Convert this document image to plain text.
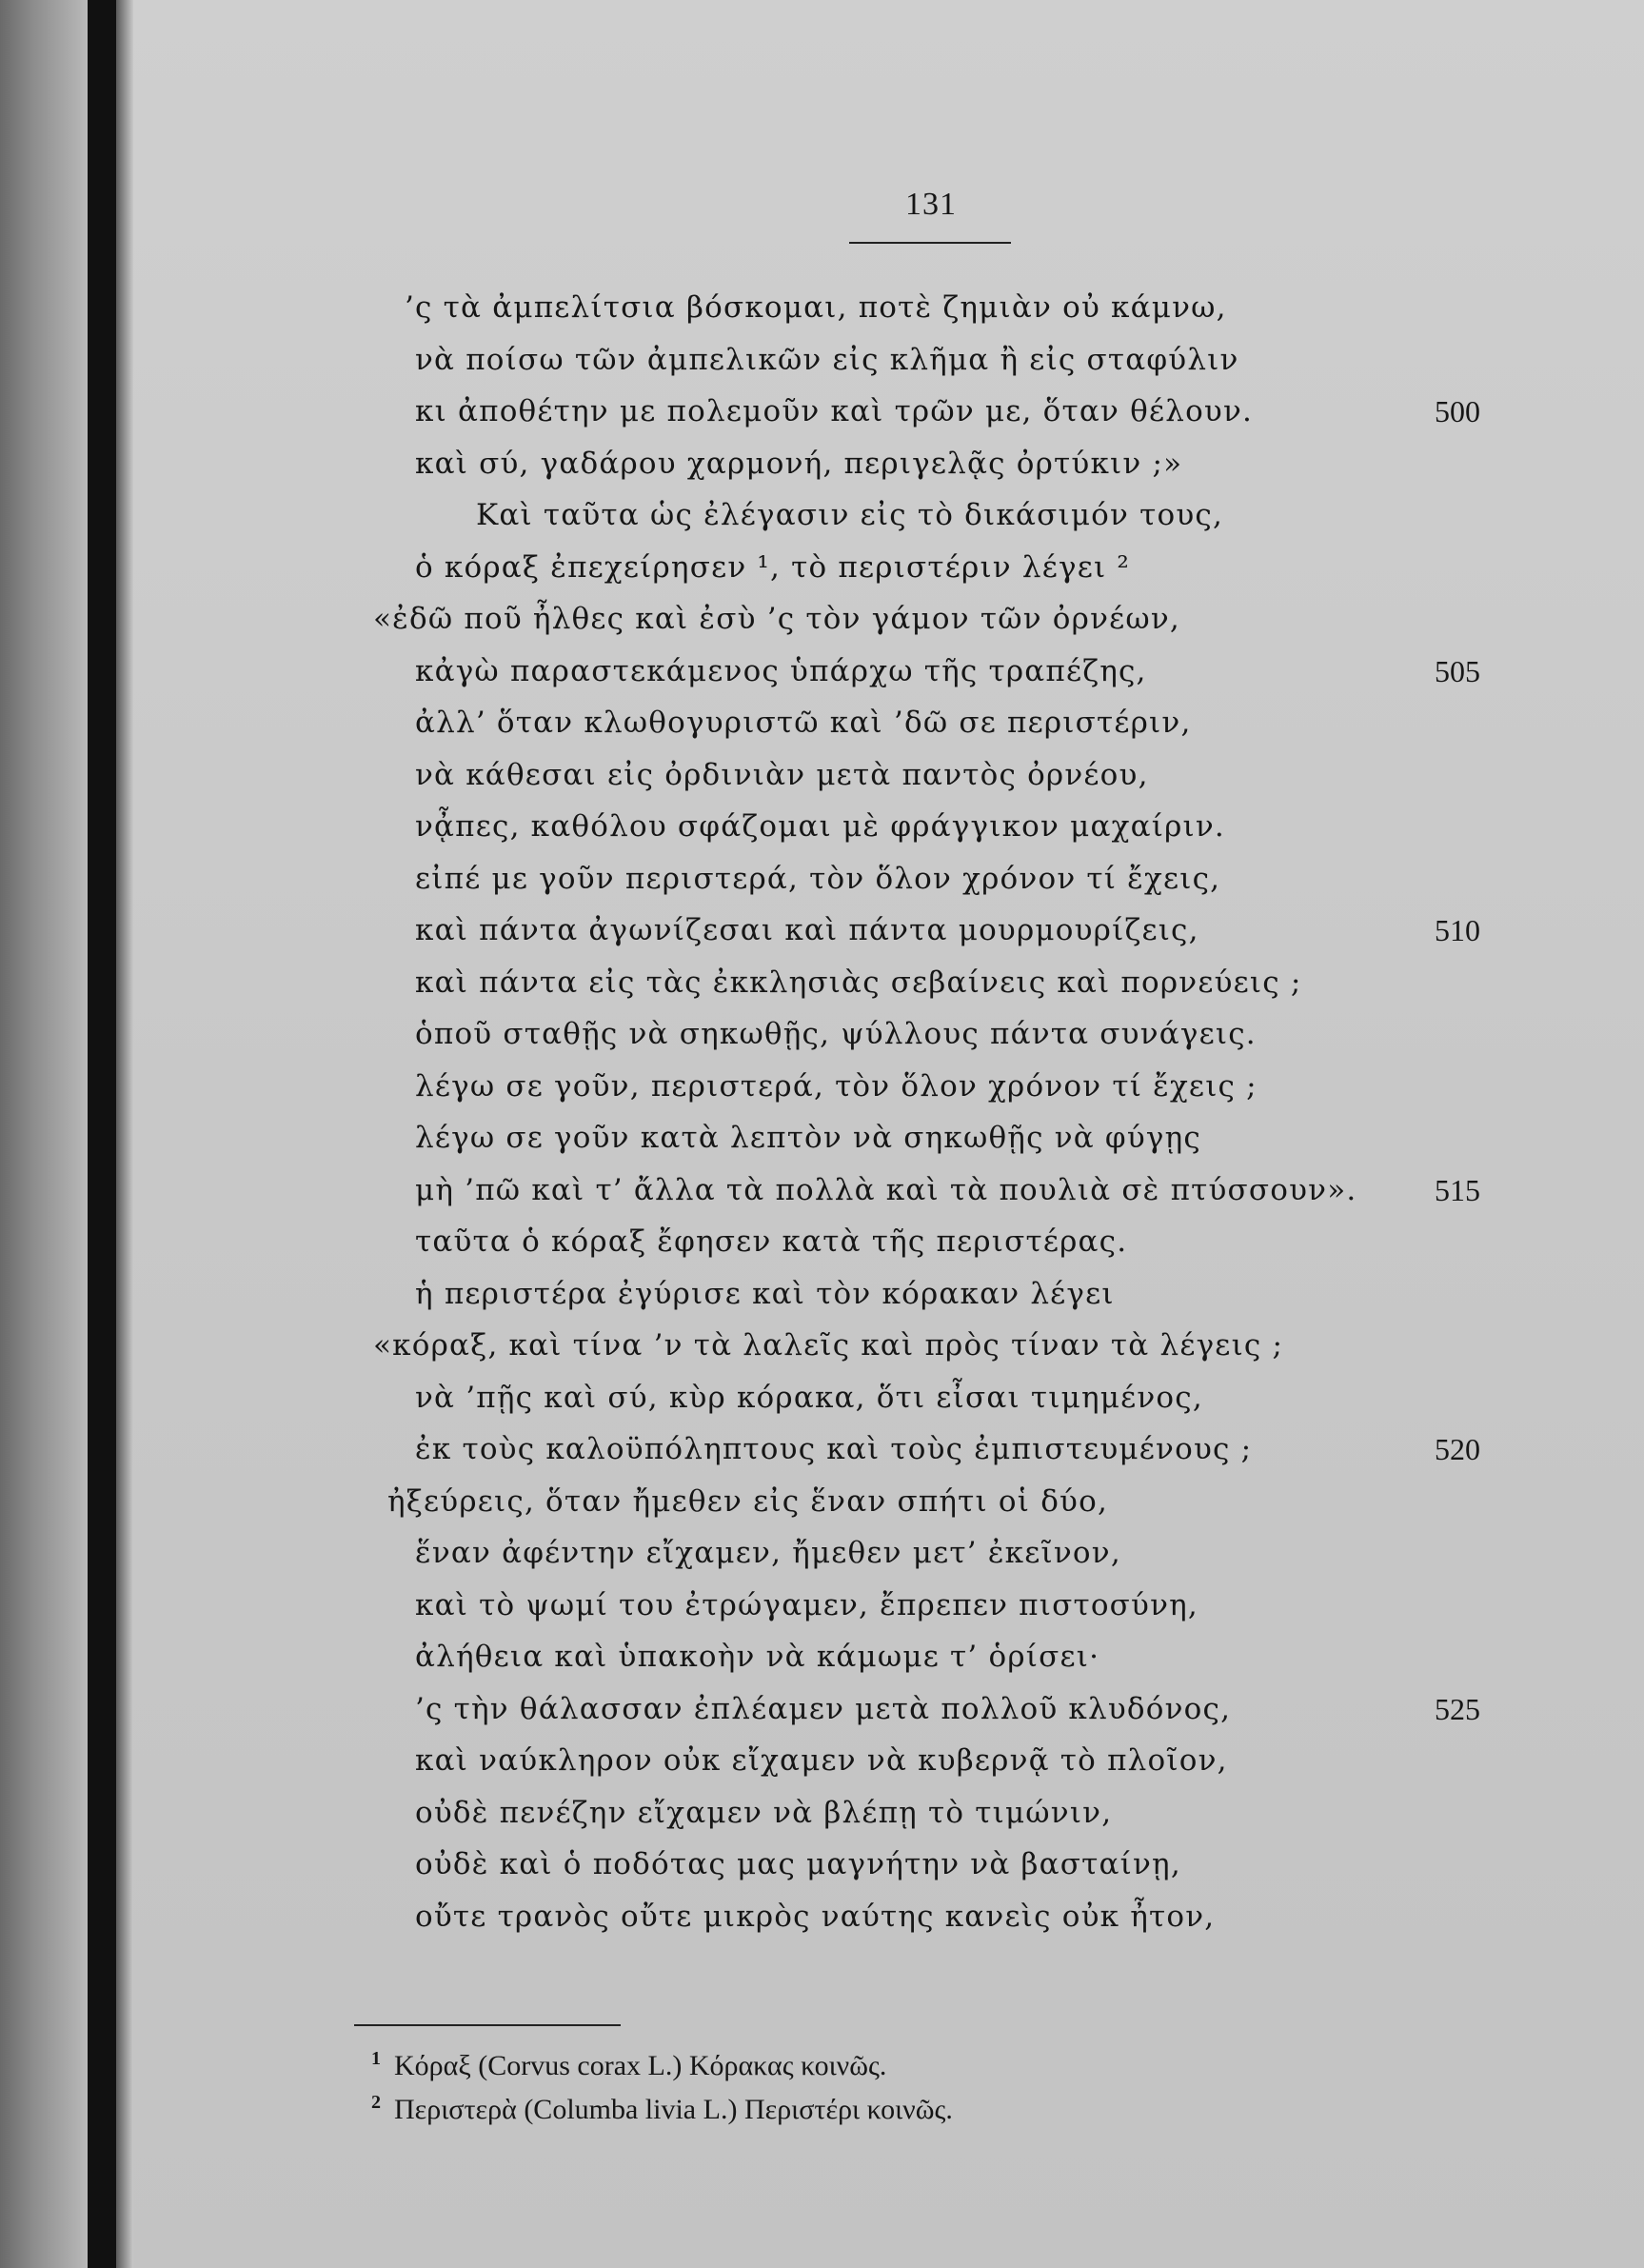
131
’ς τὰ ἀμπελίτσια βόσκομαι, ποτὲ ζημιὰν οὐ κάμνω,
νὰ ποίσω τῶν ἀμπελικῶν εἰς κλῆμα ἢ εἰς σταφύλιν
κι ἀποθέτην με πολεμοῦν καὶ τρῶν με, ὅταν θέλουν.	500
καὶ σύ, γαδάρου χαρμονή, περιγελᾷς ὀρτύκιν ;»
Καὶ ταῦτα ὡς ἐλέγασιν εἰς τὸ δικάσιμόν τους,
ὁ κόραξ ἐπεχείρησεν ¹, τὸ περιστέριν λέγει ²
«ἐδῶ ποῦ ἦλθες καὶ ἐσὺ ’ς τὸν γάμον τῶν ὀρνέων,
κἀγὼ παραστεκάμενος ὑπάρχω τῆς τραπέζης,	505
ἀλλ’ ὅταν κλωθογυριστῶ καὶ ’δῶ σε περιστέριν,
νὰ κάθεσαι εἰς ὀρδινιὰν μετὰ παντὸς ὀρνέου,
νᾆπες, καθόλου σφάζομαι μὲ φράγγικον μαχαίριν.
εἰπέ με γοῦν περιστερά, τὸν ὅλον χρόνον τί ἔχεις,
καὶ πάντα ἀγωνίζεσαι καὶ πάντα μουρμουρίζεις,	510
καὶ πάντα εἰς τὰς ἐκκλησιὰς σεβαίνεις καὶ πορνεύεις ;
ὁποῦ σταθῇς νὰ σηκωθῇς, ψύλλους πάντα συνάγεις.
λέγω σε γοῦν, περιστερά, τὸν ὅλον χρόνον τί ἔχεις ;
λέγω σε γοῦν κατὰ λεπτὸν νὰ σηκωθῇς νὰ φύγῃς
μὴ ’πῶ καὶ τ’ ἄλλα τὰ πολλὰ καὶ τὰ πουλιὰ σὲ πτύσσουν».	515
ταῦτα ὁ κόραξ ἔφησεν κατὰ τῆς περιστέρας.
ἡ περιστέρα ἐγύρισε καὶ τὸν κόρακαν λέγει
«κόραξ, καὶ τίνα ’ν τὰ λαλεῖς καὶ πρὸς τίναν τὰ λέγεις ;
νὰ ’πῇς καὶ σύ, κὺρ κόρακα, ὅτι εἶσαι τιμημένος,
ἐκ τοὺς καλοϋπόληπτους καὶ τοὺς ἐμπιστευμένους ;	520
ἠξεύρεις, ὅταν ἤμεθεν εἰς ἕναν σπήτι οἱ δύο,
ἕναν ἀφέντην εἴχαμεν, ἤμεθεν μετ’ ἐκεῖνον,
καὶ τὸ ψωμί του ἐτρώγαμεν, ἔπρεπεν πιστοσύνη,
ἀλήθεια καὶ ὑπακοὴν νὰ κάμωμε τ’ ὁρίσει·
’ς τὴν θάλασσαν ἐπλέαμεν μετὰ πολλοῦ κλυδόνος,	525
καὶ ναύκληρον οὐκ εἴχαμεν νὰ κυβερνᾷ τὸ πλοῖον,
οὐδὲ πενέζην εἴχαμεν νὰ βλέπῃ τὸ τιμώνιν,
οὐδὲ καὶ ὁ ποδότας μας μαγνήτην νὰ βασταίνῃ,
οὔτε τρανὸς οὔτε μικρὸς ναύτης κανεὶς οὐκ ἦτον,
1 Κόραξ (Corvus corax L.) Κόρακας κοινῶς.
2 Περιστερὰ (Columba livia L.) Περιστέρι κοινῶς.
